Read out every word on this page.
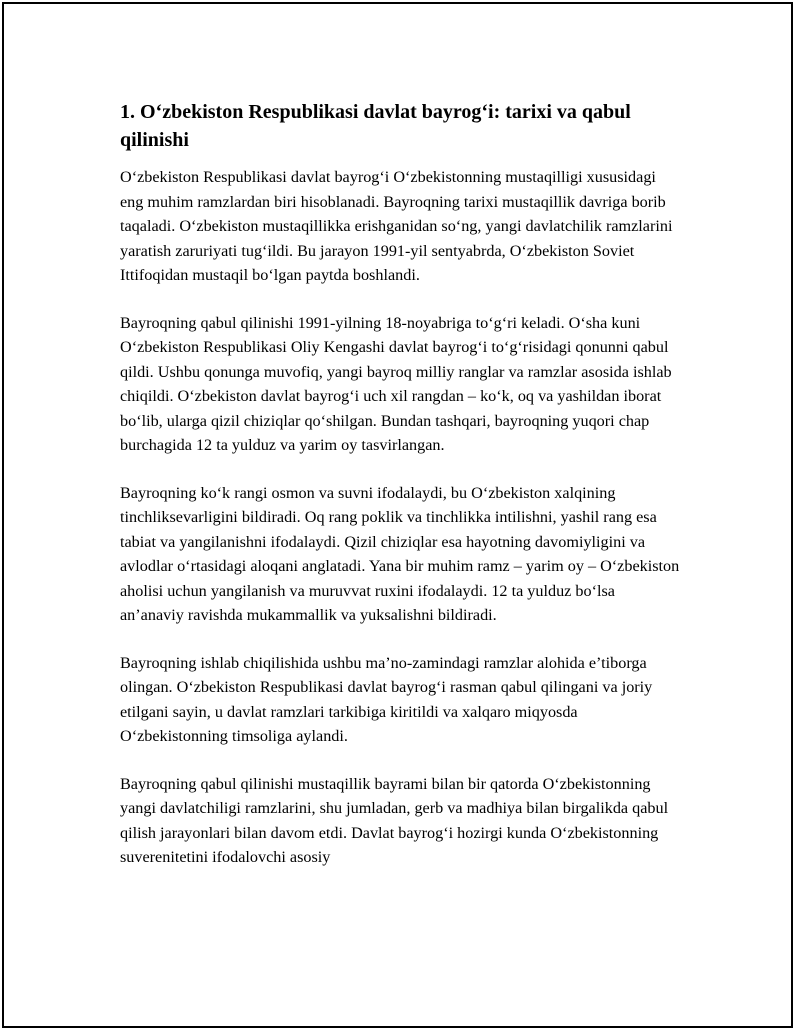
1. O‘zbekiston Respublikasi davlat bayrog‘i: tarixi va qabul qilinishi

O‘zbekiston Respublikasi davlat bayrog‘i O‘zbekistonning mustaqilligi xususidagi eng muhim ramzlardan biri hisoblanadi. Bayroqning tarixi mustaqillik davriga borib taqaladi. O‘zbekiston mustaqillikka erishganidan so‘ng, yangi davlatchilik ramzlarini yaratish zaruriyati tug‘ildi. Bu jarayon 1991-yil sentyabrda, O‘zbekiston Soviet Ittifoqidan mustaqil bo‘lgan paytda boshlandi.

Bayroqning qabul qilinishi 1991-yilning 18-noyabriga to‘g‘ri keladi. O‘sha kuni O‘zbekiston Respublikasi Oliy Kengashi davlat bayrog‘i to‘g‘risidagi qonunni qabul qildi. Ushbu qonunga muvofiq, yangi bayroq milliy ranglar va ramzlar asosida ishlab chiqildi. O‘zbekiston davlat bayrog‘i uch xil rangdan – ko‘k, oq va yashildan iborat bo‘lib, ularga qizil chiziqlar qo‘shilgan. Bundan tashqari, bayroqning yuqori chap burchagida 12 ta yulduz va yarim oy tasvirlangan.

Bayroqning ko‘k rangi osmon va suvni ifodalaydi, bu O‘zbekiston xalqining tinchliksevarligini bildiradi. Oq rang poklik va tinchlikka intilishni, yashil rang esa tabiat va yangilanishni ifodalaydi. Qizil chiziqlar esa hayotning davomiyligini va avlodlar o‘rtasidagi aloqani anglatadi. Yana bir muhim ramz – yarim oy – O‘zbekiston aholisi uchun yangilanish va muruvvat ruxini ifodalaydi. 12 ta yulduz bo‘lsa an’anaviy ravishda mukammallik va yuksalishni bildiradi.

Bayroqning ishlab chiqilishida ushbu ma’no-zamindagi ramzlar alohida e’tiborga olingan. O‘zbekiston Respublikasi davlat bayrog‘i rasman qabul qilingani va joriy etilgani sayin, u davlat ramzlari tarkibiga kiritildi va xalqaro miqyosda O‘zbekistonning timsoliga aylandi.

Bayroqning qabul qilinishi mustaqillik bayrami bilan bir qatorda O‘zbekistonning yangi davlatchiligi ramzlarini, shu jumladan, gerb va madhiya bilan birgalikda qabul qilish jarayonlari bilan davom etdi. Davlat bayrog‘i hozirgi kunda O‘zbekistonning suverenitetini ifodalovchi asosiy
